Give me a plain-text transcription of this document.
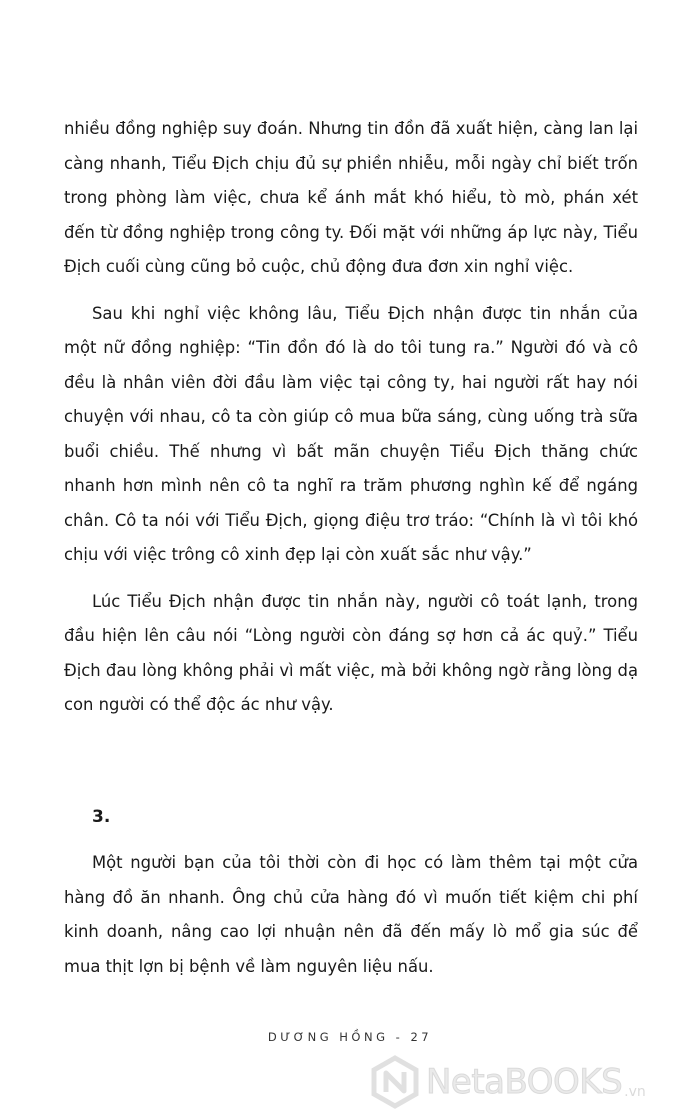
nhiều đồng nghiệp suy đoán. Nhưng tin đồn đã xuất hiện, càng lan lại càng nhanh, Tiểu Địch chịu đủ sự phiền nhiễu, mỗi ngày chỉ biết trốn trong phòng làm việc, chưa kể ánh mắt khó hiểu, tò mò, phán xét đến từ đồng nghiệp trong công ty. Đối mặt với những áp lực này, Tiểu Địch cuối cùng cũng bỏ cuộc, chủ động đưa đơn xin nghỉ việc.

Sau khi nghỉ việc không lâu, Tiểu Địch nhận được tin nhắn của một nữ đồng nghiệp: “Tin đồn đó là do tôi tung ra.” Người đó và cô đều là nhân viên đời đầu làm việc tại công ty, hai người rất hay nói chuyện với nhau, cô ta còn giúp cô mua bữa sáng, cùng uống trà sữa buổi chiều. Thế nhưng vì bất mãn chuyện Tiểu Địch thăng chức nhanh hơn mình nên cô ta nghĩ ra trăm phương nghìn kế để ngáng chân. Cô ta nói với Tiểu Địch, giọng điệu trơ tráo: “Chính là vì tôi khó chịu với việc trông cô xinh đẹp lại còn xuất sắc như vậy.”

Lúc Tiểu Địch nhận được tin nhắn này, người cô toát lạnh, trong đầu hiện lên câu nói “Lòng người còn đáng sợ hơn cả ác quỷ.” Tiểu Địch đau lòng không phải vì mất việc, mà bởi không ngờ rằng lòng dạ con người có thể độc ác như vậy.

3.

Một người bạn của tôi thời còn đi học có làm thêm tại một cửa hàng đồ ăn nhanh. Ông chủ cửa hàng đó vì muốn tiết kiệm chi phí kinh doanh, nâng cao lợi nhuận nên đã đến mấy lò mổ gia súc để mua thịt lợn bị bệnh về làm nguyên liệu nấu.

DƯƠNG HỒNG - 27
NetaBOOKS .vn
